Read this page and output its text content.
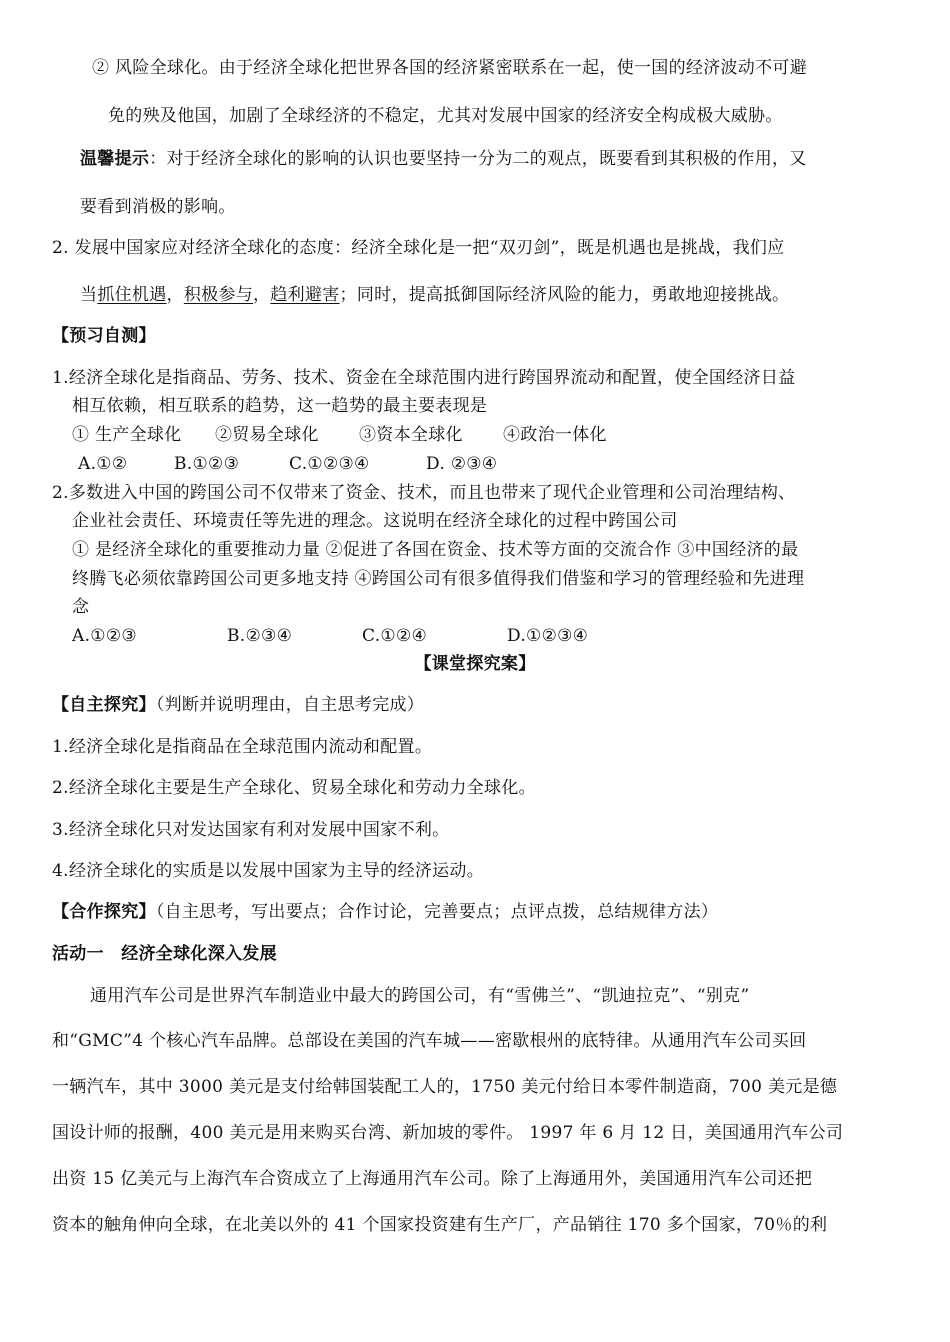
② 风险全球化。由于经济全球化把世界各国的经济紧密联系在一起，使一国的经济波动不可避
免的殃及他国，加剧了全球经济的不稳定，尤其对发展中国家的经济安全构成极大威胁。
温馨提示：对于经济全球化的影响的认识也要坚持一分为二的观点，既要看到其积极的作用，又
要看到消极的影响。
2. 发展中国家应对经济全球化的态度：经济全球化是一把“双刃剑”，既是机遇也是挑战，我们应
当抓住机遇，积极参与，趋利避害；同时，提高抵御国际经济风险的能力，勇敢地迎接挑战。
【预习自测】
1.经济全球化是指商品、劳务、技术、资金在全球范围内进行跨国界流动和配置，使全国经济日益
相互依赖，相互联系的趋势，这一趋势的最主要表现是
① 生产全球化 ②贸易全球化 ③资本全球化 ④政治一体化
A.①②	B.①②③	C.①②③④	D. ②③④
2.多数进入中国的跨国公司不仅带来了资金、技术，而且也带来了现代企业管理和公司治理结构、
企业社会责任、环境责任等先进的理念。这说明在经济全球化的过程中跨国公司
① 是经济全球化的重要推动力量 ②促进了各国在资金、技术等方面的交流合作 ③中国经济的最
终腾飞必须依靠跨国公司更多地支持 ④跨国公司有很多值得我们借鉴和学习的管理经验和先进理
念
A.①②③	B.②③④	C.①②④	D.①②③④
【课堂探究案】
【自主探究】（判断并说明理由，自主思考完成）
1.经济全球化是指商品在全球范围内流动和配置。
2.经济全球化主要是生产全球化、贸易全球化和劳动力全球化。
3.经济全球化只对发达国家有利对发展中国家不利。
4.经济全球化的实质是以发展中国家为主导的经济运动。
【合作探究】（自主思考，写出要点；合作讨论，完善要点；点评点拨，总结规律方法）
活动一　经济全球化深入发展
通用汽车公司是世界汽车制造业中最大的跨国公司，有“雪佛兰”、“凯迪拉克”、“别克”
和“GMC”4 个核心汽车品牌。总部设在美国的汽车城——密歇根州的底特律。从通用汽车公司买回
一辆汽车，其中 3000 美元是支付给韩国装配工人的，1750 美元付给日本零件制造商，700 美元是德
国设计师的报酬，400 美元是用来购买台湾、新加坡的零件。 1997 年 6 月 12 日，美国通用汽车公司
出资 15 亿美元与上海汽车合资成立了上海通用汽车公司。除了上海通用外，美国通用汽车公司还把
资本的触角伸向全球，在北美以外的 41 个国家投资建有生产厂，产品销往 170 多个国家，70％的利
